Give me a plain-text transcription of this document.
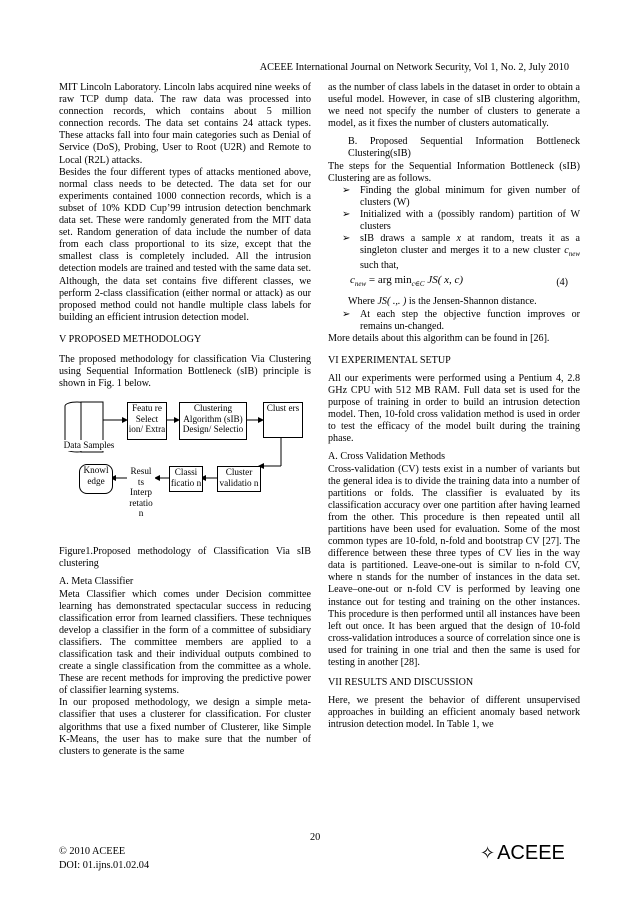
ACEEE International Journal on Network Security, Vol 1, No. 2, July 2010

MIT Lincoln Laboratory. Lincoln labs acquired nine weeks of raw TCP dump data. The raw data was processed into connection records, which contains about 5 million connection records. The data set contains 24 attack types. These attacks fall into four main categories such as Denial of Service (DoS), Probing, User to Root (U2R) and Remote to Local (R2L) attacks.

Besides the four different types of attacks mentioned above, normal class needs to be detected. The data set for our experiments contained 1000 connection records, which is a subset of 10% KDD Cup’99 intrusion detection benchmark data set. These were randomly generated from the MIT data set. Random generation of data include the number of data from each class proportional to its size, except that the smallest class is completely included. All the intrusion detection models are trained and tested with the same data set. Although, the data set contains five different classes, we perform 2-class classification (either normal or attack) as our proposed method could not handle multiple class labels for building an efficient intrusion detection model.

V PROPOSED METHODOLOGY

The proposed methodology for classification Via Clustering using Sequential Information Bottleneck (sIB) principle is shown in Fig. 1 below.

Featu re Select ion/ Extra
Clustering Algorithm (sIB) Design/ Selectio
Clust ers
Data Samples
Knowl edge
Resul ts Interp retatio n
Classi ficatio n
Cluster validatio n

Figure1.Proposed methodology of Classification Via sIB clustering

A. Meta Classifier

Meta Classifier which comes under Decision committee learning has demonstrated spectacular success in reducing classification error from learned classifiers. These techniques develop a classifier in the form of a committee of subsidiary classifiers. The committee members are applied to a classification task and their individual outputs combined to create a single classification from the committee as a whole. These are recent methods for improving the predictive power of classifier learning systems.

In our proposed methodology, we design a simple meta-classifier that uses a clusterer for classification. For cluster algorithms that use a fixed number of Clusterer, like Simple K-Means, the user has to make sure that the number of clusters to generate is the same

as the number of class labels in the dataset in order to obtain a useful model. However, in case of sIB clustering algorithm, we need not specify the number of clusters to generate a model, as it fixes the number of clusters automatically.

B. Proposed Sequential Information Bottleneck Clustering(sIB)

The steps for the Sequential Information Bottleneck (sIB) Clustering are as follows.

➢ Finding the global minimum for given number of clusters (W)
➢ Initialized with a (possibly random) partition of W clusters
➢ sIB draws a sample x at random, treats it as a singleton cluster and merges it to a new cluster $c_{new}$ such that,
$c_{new}$ = arg $\min_{c\in C} JS$( x, c)	(4)

Where JS( .,. ) is the Jensen-Shannon distance.

➢ At each step the objective function improves or remains un-changed.

More details about this algorithm can be found in [26].

VI EXPERIMENTAL SETUP

All our experiments were performed using a Pentium 4, 2.8 GHz CPU with 512 MB RAM. Full data set is used for the purpose of training in order to build an intrusion detection model. Then, 10-fold cross validation method is used in order to test the efficacy of the model built during the training phase.

A. Cross Validation Methods

Cross-validation (CV) tests exist in a number of variants but the general idea is to divide the training data into a number of partitions or folds. The classifier is evaluated by its classification accuracy over one partition after having learned from the other. This procedure is then repeated until all partitions have been used for evaluation. Some of the most common types are 10-fold, n-fold and bootstrap CV [27]. The difference between these three types of CV lies in the way data is partitioned. Leave-one-out is similar to n-fold CV, where n stands for the number of instances in the data set. Leave–one-out or n-fold CV is performed by leaving one instance out for testing and training on the other instances. This procedure is then performed until all instances have been left out once. It has been argued that the design of 10-fold cross-validation introduces a source of correlation since one is used for training in one trial and then the same is used for testing in another [28].

VII RESULTS AND DISCUSSION

Here, we present the behavior of different unsupervised approaches in building an efficient anomaly based network intrusion detection model. In Table 1, we

20
© 2010 ACEEE
DOI: 01.ijns.01.02.04
✧ ACEEE
